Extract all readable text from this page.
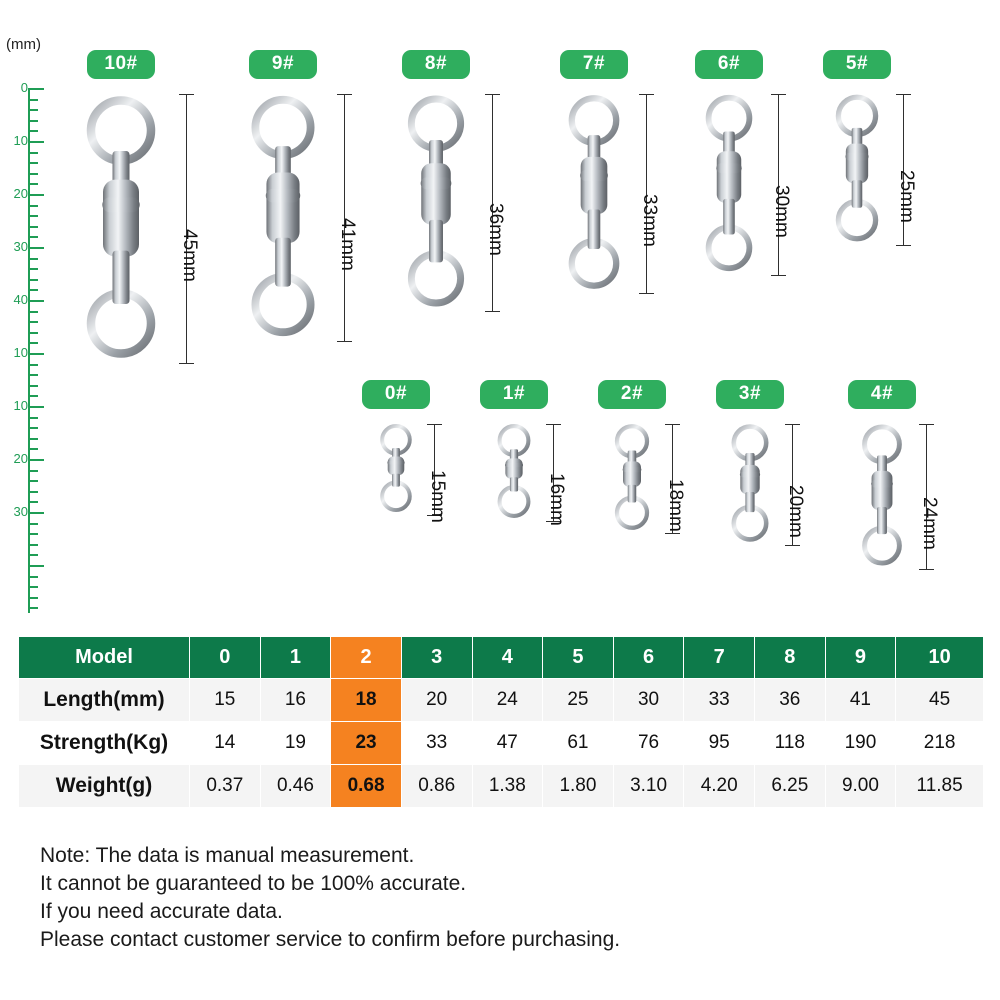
(mm)
0
10
20
30
40
10
10
20
30
10#
45mm
9#
41mm
8#
36mm
7#
33mm
6#
30mm
5#
25mm
0#
15mm
1#
16mm
2#
18mm
3#
20mm
4#
24mm
Model	0	1	2	3	4	5	6	7	8	9	10
Length(mm)	15	16	18	20	24	25	30	33	36	41	45
Strength(Kg)	14	19	23	33	47	61	76	95	118	190	218
Weight(g)	0.37	0.46	0.68	0.86	1.38	1.80	3.10	4.20	6.25	9.00	11.85
Note: The data is manual measurement.
It cannot be guaranteed to be 100% accurate.
If you need accurate data.
Please contact customer service to confirm before purchasing.
